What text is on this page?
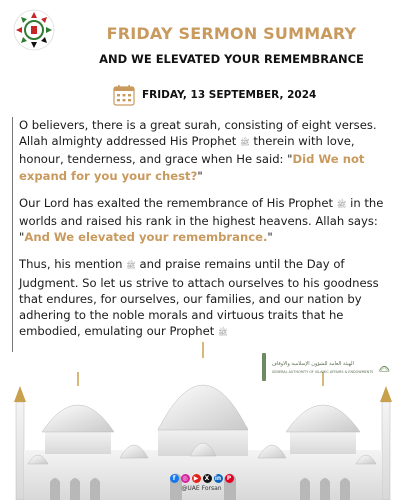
FRIDAY SERMON SUMMARY
AND WE ELEVATED YOUR REMEMBRANCE
FRIDAY, 13 SEPTEMBER, 2024

O believers, there is a great surah, consisting of eight verses. Allah almighty addressed His Prophet ﷺ therein with love, honour, tenderness, and grace when He said: "Did We not expand for you your chest?"

Our Lord has exalted the remembrance of His Prophet ﷺ in the worlds and raised his rank in the highest heavens. Allah says: "And We elevated your remembrance."

Thus, his mention ﷺ and praise remains until the Day of Judgment. So let us strive to attach ourselves to his goodness that endures, for ourselves, our families, and our nation by adhering to the noble morals and virtuous traits that he embodied, emulating our Prophet ﷺ

الهيئة العامة للشؤون الإسلامية والأوقاف
GENERAL AUTHORITY OF ISLAMIC AFFAIRS & ENDOWMENTS
f	◎	▶	X in P
@UAE Forsan
